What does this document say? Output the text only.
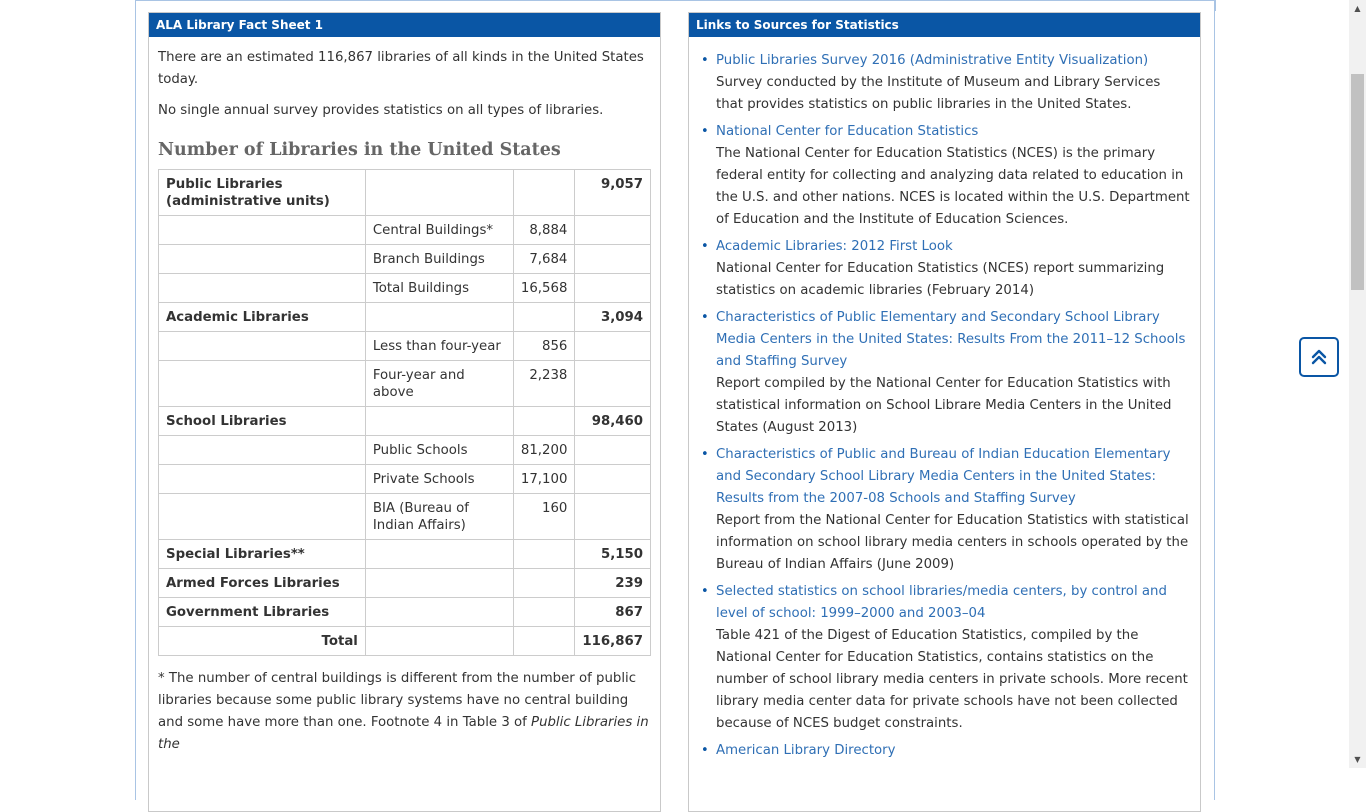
ALA Library Fact Sheet 1

There are an estimated 116,867 libraries of all kinds in the United States today.

No single annual survey provides statistics on all types of libraries.

Number of Libraries in the United States
Public Libraries (administrative units)			9,057
	Central Buildings*	8,884	
	Branch Buildings	7,684	
	Total Buildings	16,568	
Academic Libraries			3,094
	Less than four-year	856	
	Four-year and above	2,238	
School Libraries			98,460
	Public Schools	81,200	
	Private Schools	17,100	
	BIA (Bureau of Indian Affairs)	160	
Special Libraries**			5,150
Armed Forces Libraries			239
Government Libraries			867
Total			116,867

* The number of central buildings is different from the number of public libraries because some public library systems have no central building and some have more than one. Footnote 4 in Table 3 of Public Libraries in the

Links to Sources for Statistics
• Public Libraries Survey 2016 (Administrative Entity Visualization)
Survey conducted by the Institute of Museum and Library Services that provides statistics on public libraries in the United States.
• National Center for Education Statistics
The National Center for Education Statistics (NCES) is the primary federal entity for collecting and analyzing data related to education in the U.S. and other nations. NCES is located within the U.S. Department of Education and the Institute of Education Sciences.
• Academic Libraries: 2012 First Look
National Center for Education Statistics (NCES) report summarizing statistics on academic libraries (February 2014)
• Characteristics of Public Elementary and Secondary School Library Media Centers in the United States: Results From the 2011–12 Schools and Staffing Survey
Report compiled by the National Center for Education Statistics with statistical information on School Librare Media Centers in the United States (August 2013)
• Characteristics of Public and Bureau of Indian Education Elementary and Secondary School Library Media Centers in the United States: Results from the 2007-08 Schools and Staffing Survey
Report from the National Center for Education Statistics with statistical information on school library media centers in schools operated by the Bureau of Indian Affairs (June 2009)
• Selected statistics on school libraries/media centers, by control and level of school: 1999–2000 and 2003–04
Table 421 of the Digest of Education Statistics, compiled by the National Center for Education Statistics, contains statistics on the number of school library media centers in private schools. More recent library media center data for private schools have not been collected because of NCES budget constraints.
• American Library Directory
▲
▼
